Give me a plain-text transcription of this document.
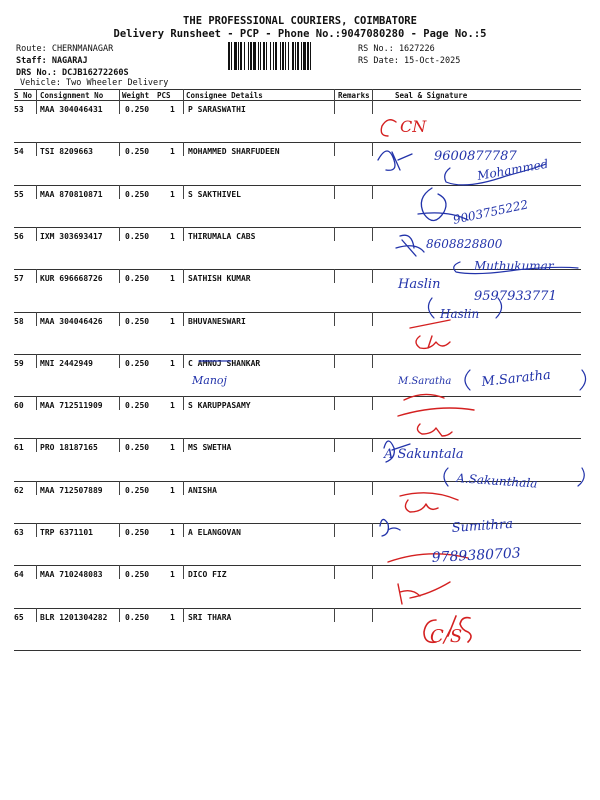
THE PROFESSIONAL COURIERS, COIMBATORE
Delivery Runsheet - PCP - Phone No.:9047080280 - Page No.:5
Route: CHERNMANAGAR
Staff: NAGARAJ
DRS No.: DCJB16272260S
Vehicle: Two Wheeler Delivery
RS No.: 1627226
RS Date: 15-Oct-2025
S No Consignment No	Weight PCS Consignee Details	Remarks	Seal & Signature
53 MAA 304046431	0.250	1 P SARASWATHI
54 TSI 8209663	0.250	1 MOHAMMED SHARFUDEEN
55 MAA 870810871	0.250	1 S SAKTHIVEL
56 IXM 303693417	0.250	1 THIRUMALA CABS
57 KUR 696668726	0.250	1 SATHISH KUMAR
58 MAA 304046426	0.250	1 BHUVANESWARI
59 MNI 2442949	0.250	1 C AMNOJ SHANKAR
60 MAA 712511909	0.250	1 S KARUPPASAMY
61 PRO 18187165	0.250	1 MS SWETHA
62 MAA 712507889	0.250	1 ANISHA
63 TRP 6371101	0.250	1 A ELANGOVAN
64 MAA 710248083	0.250	1 DICO FIZ
65 BLR 1201304282 0.250	1 SRI THARA
CN
9600877787
Mohammed
9003755222
8608828800
Muthukumar
Haslin
9597933771
Haslin
Manoj	M.Saratha M.Saratha
A Sakuntala
A.Sakunthala
Sumithra
9789380703
C/S
